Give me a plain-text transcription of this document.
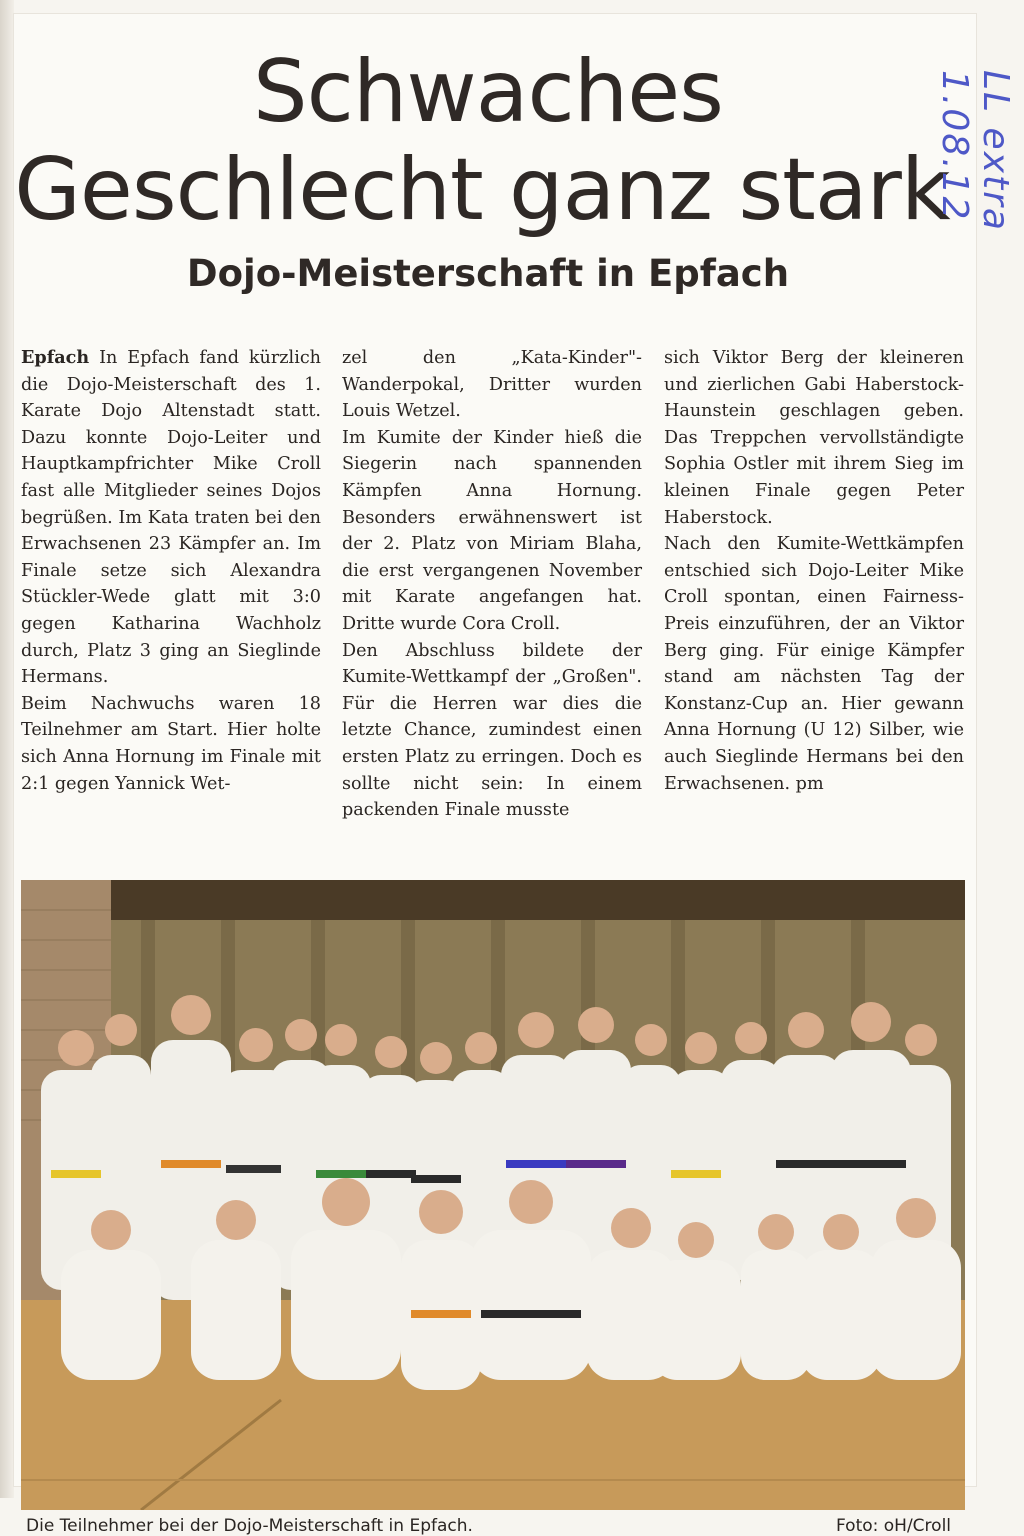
Schwaches
Geschlecht ganz stark
Dojo-Meisterschaft in Epfach
LL extra 1.08.12

Epfach In Epfach fand kürzlich die Dojo-Meisterschaft des 1. Karate Dojo Altenstadt statt. Dazu konnte Dojo-Leiter und Hauptkampfrichter Mike Croll fast alle Mitglieder seines Dojos begrüßen. Im Kata traten bei den Erwachsenen 23 Kämpfer an. Im Finale setze sich Alexandra Stückler-Wede glatt mit 3:0 gegen Katharina Wachholz durch, Platz 3 ging an Sieglinde Hermans.

Beim Nachwuchs waren 18 Teilnehmer am Start. Hier holte sich Anna Hornung im Finale mit 2:1 gegen Yannick Wet-

zel den „Kata-Kinder"-Wanderpokal, Dritter wurden Louis Wetzel.

Im Kumite der Kinder hieß die Siegerin nach spannenden Kämpfen Anna Hornung. Besonders erwähnenswert ist der 2. Platz von Miriam Blaha, die erst vergangenen November mit Karate angefangen hat. Dritte wurde Cora Croll.

Den Abschluss bildete der Kumite-Wettkampf der „Großen". Für die Herren war dies die letzte Chance, zumindest einen ersten Platz zu erringen. Doch es sollte nicht sein: In einem packenden Finale musste

sich Viktor Berg der kleineren und zierlichen Gabi Haberstock-Haunstein geschlagen geben. Das Treppchen vervollständigte Sophia Ostler mit ihrem Sieg im kleinen Finale gegen Peter Haberstock.

Nach den Kumite-Wettkämpfen entschied sich Dojo-Leiter Mike Croll spontan, einen Fairness-Preis einzuführen, der an Viktor Berg ging. Für einige Kämpfer stand am nächsten Tag der Konstanz-Cup an. Hier gewann Anna Hornung (U 12) Silber, wie auch Sieglinde Hermans bei den Erwachsenen. pm

Die Teilnehmer bei der Dojo-Meisterschaft in Epfach.	Foto: oH/Croll
